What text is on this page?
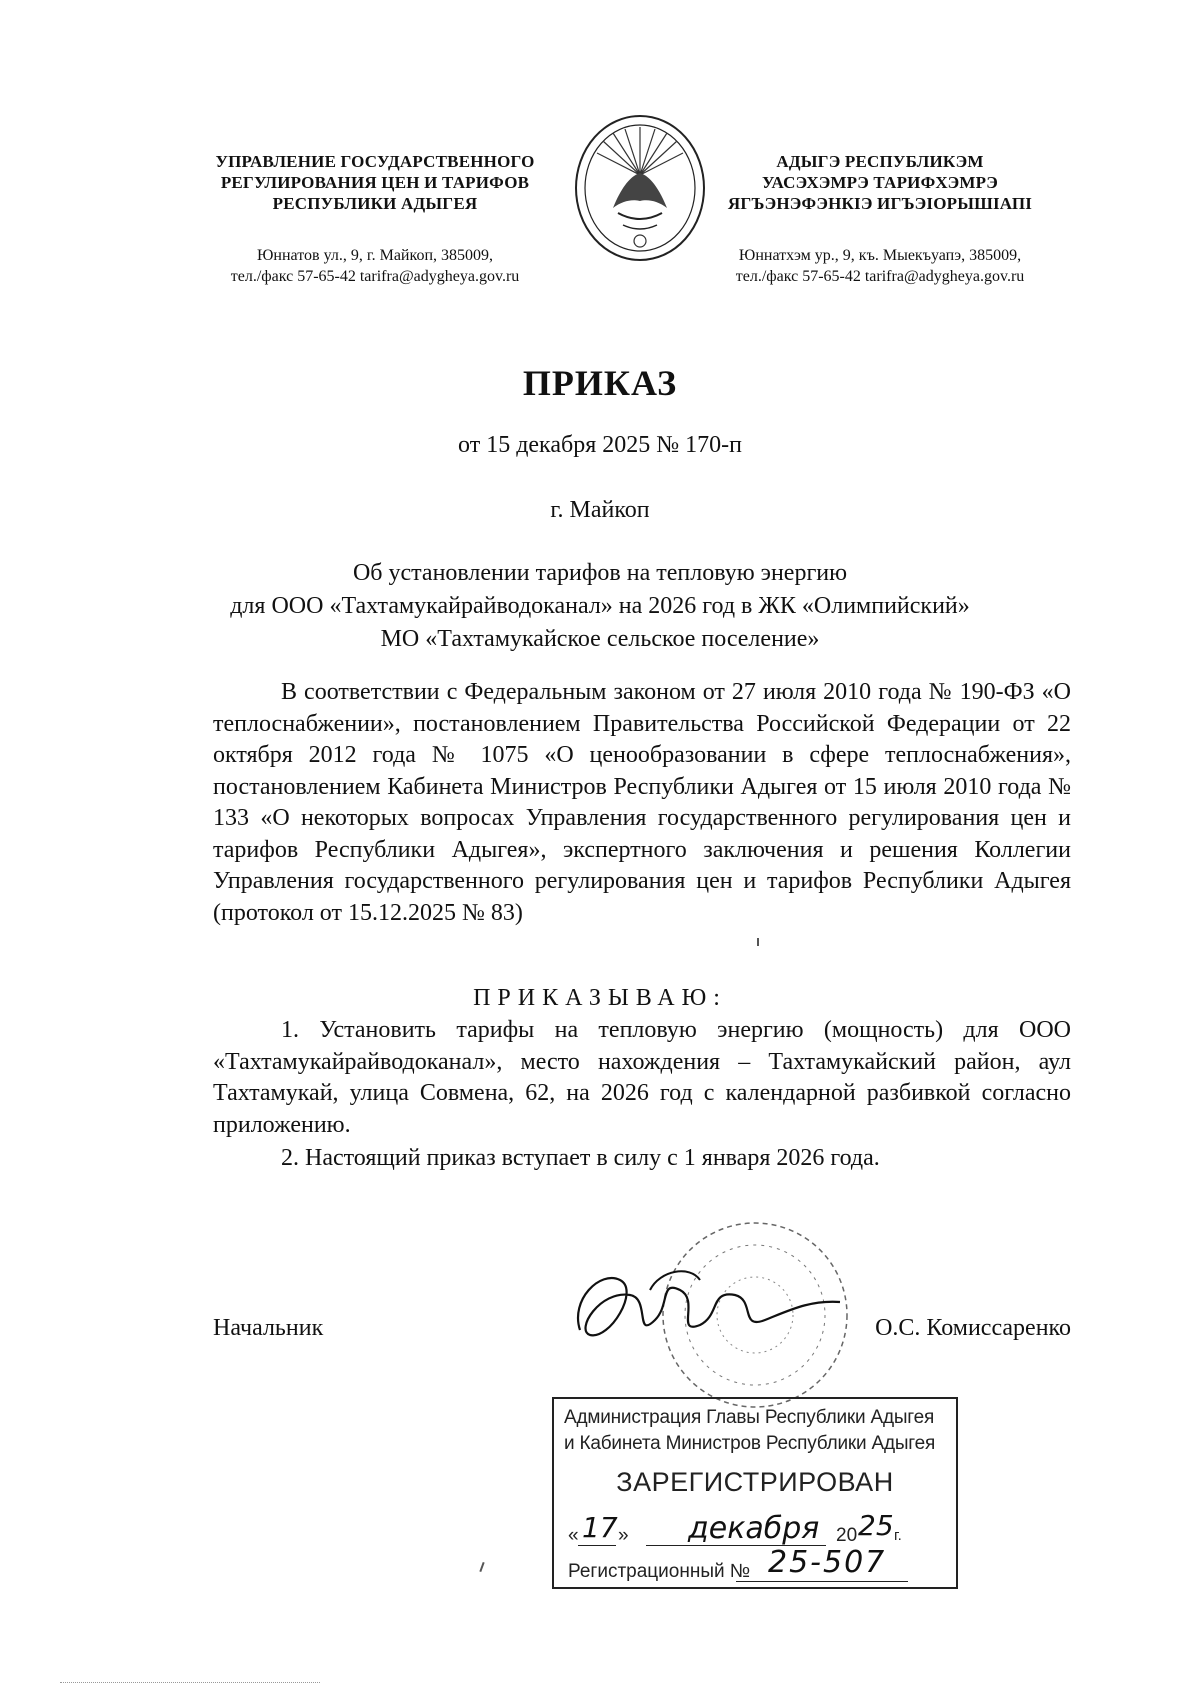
УПРАВЛЕНИЕ ГОСУДАРСТВЕННОГО
РЕГУЛИРОВАНИЯ ЦЕН И ТАРИФОВ
РЕСПУБЛИКИ АДЫГЕЯ
Юннатов ул., 9, г. Майкоп, 385009,
тел./факс 57-65-42 tarifra@adygheya.gov.ru
АДЫГЭ РЕСПУБЛИКЭМ
УАСЭХЭМРЭ ТАРИФХЭМРЭ
ЯГЪЭНЭФЭНКIЭ ИГЪЭIОРЫШIАПI
Юннатхэм ур., 9, къ. Мыекъуапэ, 385009,
тел./факс 57-65-42 tarifra@adygheya.gov.ru
ПРИКАЗ
от 15 декабря 2025 № 170-п
г. Майкоп
Об установлении тарифов на тепловую энергию
для ООО «Тахтамукайрайводоканал» на 2026 год в ЖК «Олимпийский»
МО «Тахтамукайское сельское поселение»
В соответствии с Федеральным законом от 27 июля 2010 года № 190-ФЗ «О теплоснабжении», постановлением Правительства Российской Федерации от 22 октября 2012 года № 1075 «О ценообразовании в сфере теплоснабжения», постановлением Кабинета Министров Республики Адыгея от 15 июля 2010 года № 133 «О некоторых вопросах Управления государственного регулирования цен и тарифов Республики Адыгея», экспертного заключения и решения Коллегии Управления государственного регулирования цен и тарифов Республики Адыгея (протокол от 15.12.2025 № 83)
ПРИКАЗЫВАЮ:
1. Установить тарифы на тепловую энергию (мощность) для ООО «Тахтамукайрайводоканал», место нахождения – Тахтамукайский район, аул Тахтамукай, улица Совмена, 62, на 2026 год с календарной разбивкой согласно приложению.
2. Настоящий приказ вступает в силу с 1 января 2026 года.
Начальник	О.С. Комиссаренко
Администрация Главы Республики Адыгея
и Кабинета Министров Республики Адыгея
ЗАРЕГИСТРИРОВАН
« 17 » декабря 20 25 г.
Регистрационный № 25-507
